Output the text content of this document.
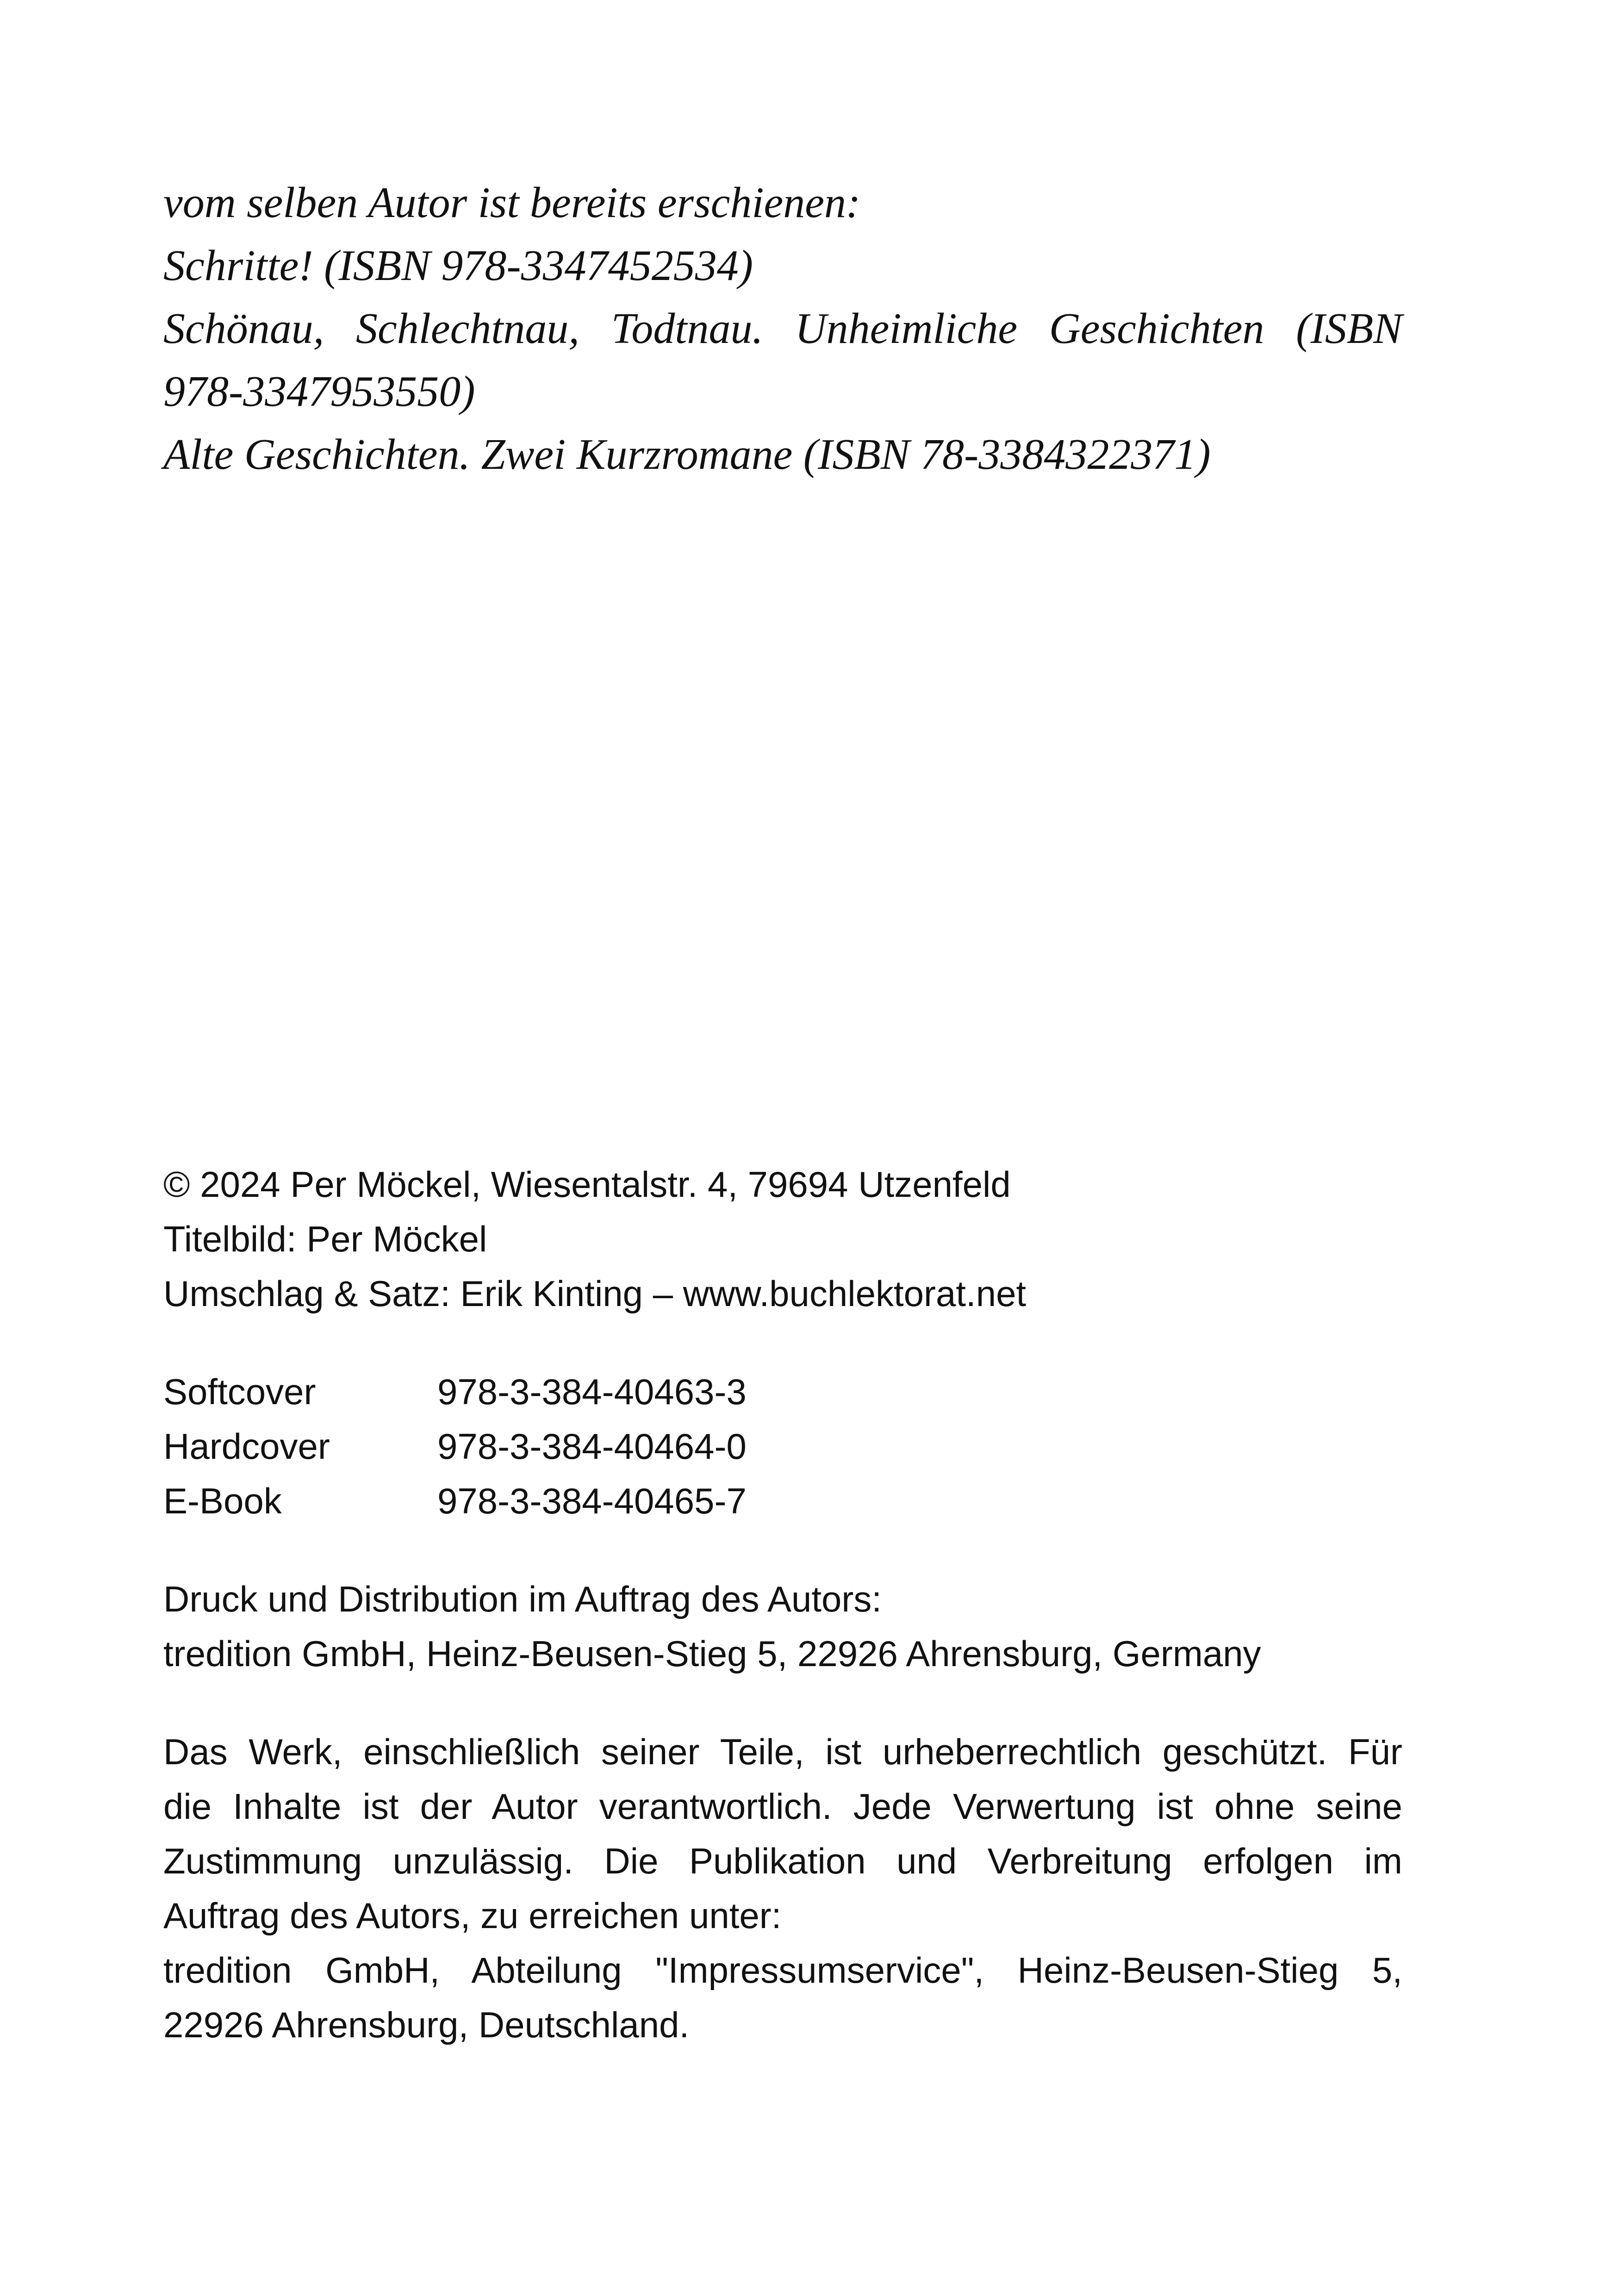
vom selben Autor ist bereits erschienen:
Schritte! (ISBN 978-3347452534)
Schönau, Schlechtnau, Todtnau. Unheimliche Geschichten (ISBN
978-3347953550)
Alte Geschichten. Zwei Kurzromane (ISBN 78-3384322371)
© 2024 Per Möckel, Wiesentalstr. 4, 79694 Utzenfeld
Titelbild: Per Möckel
Umschlag & Satz: Erik Kinting – www.buchlektorat.net
Softcover	978-3-384-40463-3
Hardcover	978-3-384-40464-0
E-Book	978-3-384-40465-7
Druck und Distribution im Auftrag des Autors:
tredition GmbH, Heinz-Beusen-Stieg 5, 22926 Ahrensburg, Germany
Das Werk, einschließlich seiner Teile, ist urheberrechtlich geschützt. Für
die Inhalte ist der Autor verantwortlich. Jede Verwertung ist ohne seine
Zustimmung unzulässig. Die Publikation und Verbreitung erfolgen im
Auftrag des Autors, zu erreichen unter:
tredition GmbH, Abteilung "Impressumservice", Heinz-Beusen-Stieg 5,
22926 Ahrensburg, Deutschland.
